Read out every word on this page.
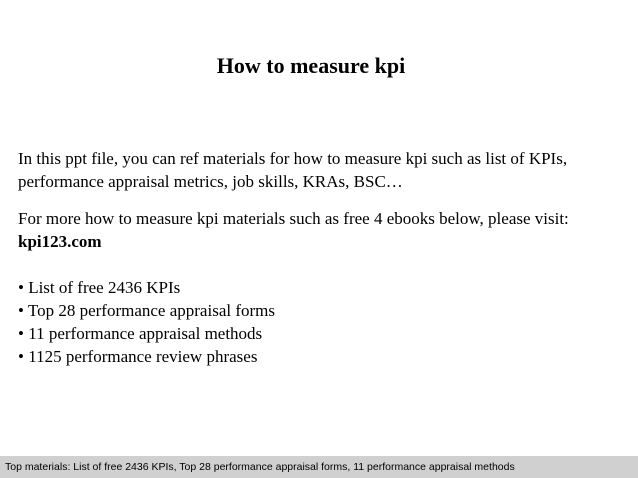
How to measure kpi

In this ppt file, you can ref materials for how to measure kpi such as list of KPIs, performance appraisal metrics, job skills, KRAs, BSC…

For more how to measure kpi materials such as free 4 ebooks below, please visit: kpi123.com

• List of free 2436 KPIs
• Top 28 performance appraisal forms
• 11 performance appraisal methods
• 1125 performance review phrases
Top materials: List of free 2436 KPIs, Top 28 performance appraisal forms, 11 performance appraisal methods
